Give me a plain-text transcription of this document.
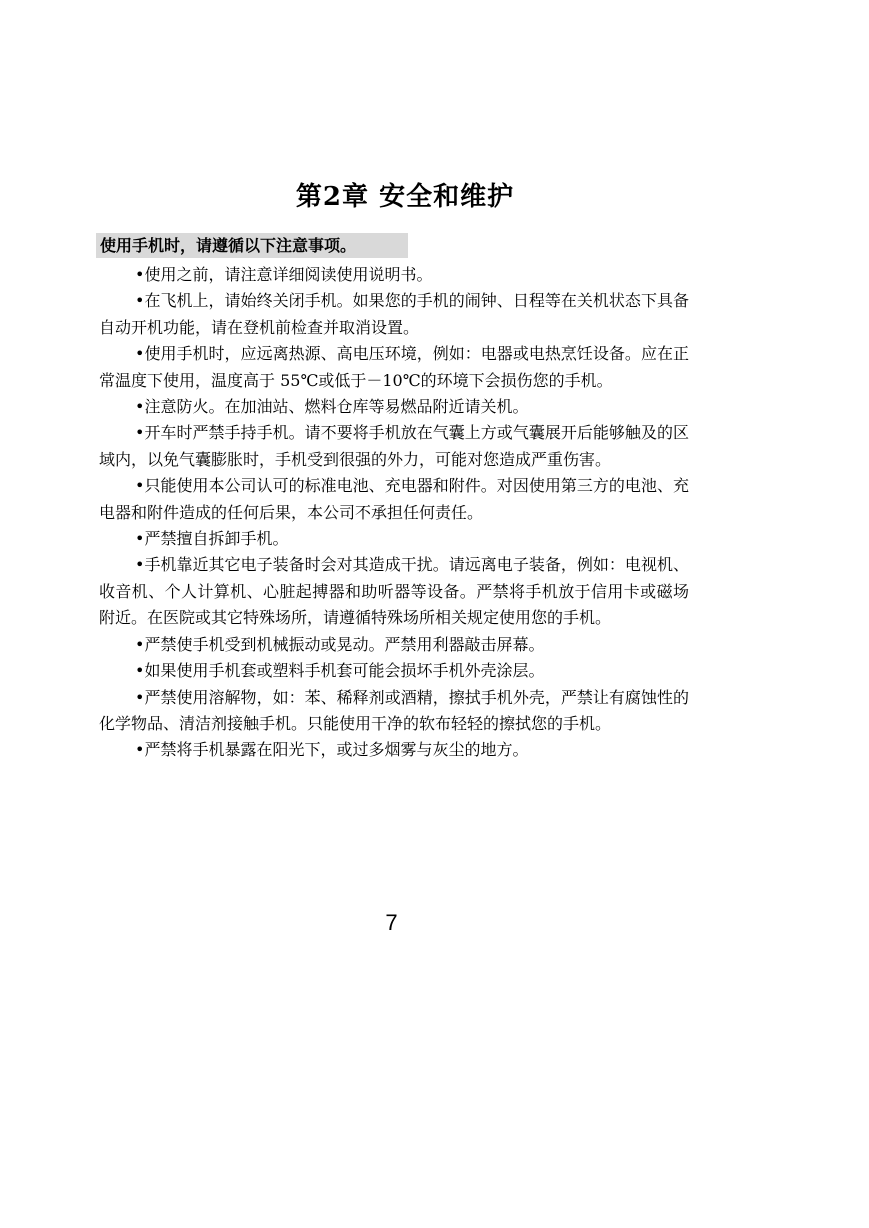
第2章 安全和维护
使用手机时，请遵循以下注意事项。

•使用之前，请注意详细阅读使用说明书。

•在飞机上，请始终关闭手机。如果您的手机的闹钟、日程等在关机状态下具备自动开机功能，请在登机前检查并取消设置。

•使用手机时，应远离热源、高电压环境，例如：电器或电热烹饪设备。应在正常温度下使用，温度高于 55℃或低于－10℃的环境下会损伤您的手机。

•注意防火。在加油站、燃料仓库等易燃品附近请关机。

•开车时严禁手持手机。请不要将手机放在气囊上方或气囊展开后能够触及的区域内，以免气囊膨胀时，手机受到很强的外力，可能对您造成严重伤害。

•只能使用本公司认可的标准电池、充电器和附件。对因使用第三方的电池、充电器和附件造成的任何后果，本公司不承担任何责任。

•严禁擅自拆卸手机。

•手机靠近其它电子装备时会对其造成干扰。请远离电子装备，例如：电视机、收音机、个人计算机、心脏起搏器和助听器等设备。严禁将手机放于信用卡或磁场附近。在医院或其它特殊场所，请遵循特殊场所相关规定使用您的手机。

•严禁使手机受到机械振动或晃动。严禁用利器敲击屏幕。

•如果使用手机套或塑料手机套可能会损坏手机外壳涂层。

•严禁使用溶解物，如：苯、稀释剂或酒精，擦拭手机外壳，严禁让有腐蚀性的化学物品、清洁剂接触手机。只能使用干净的软布轻轻的擦拭您的手机。

•严禁将手机暴露在阳光下，或过多烟雾与灰尘的地方。

7
